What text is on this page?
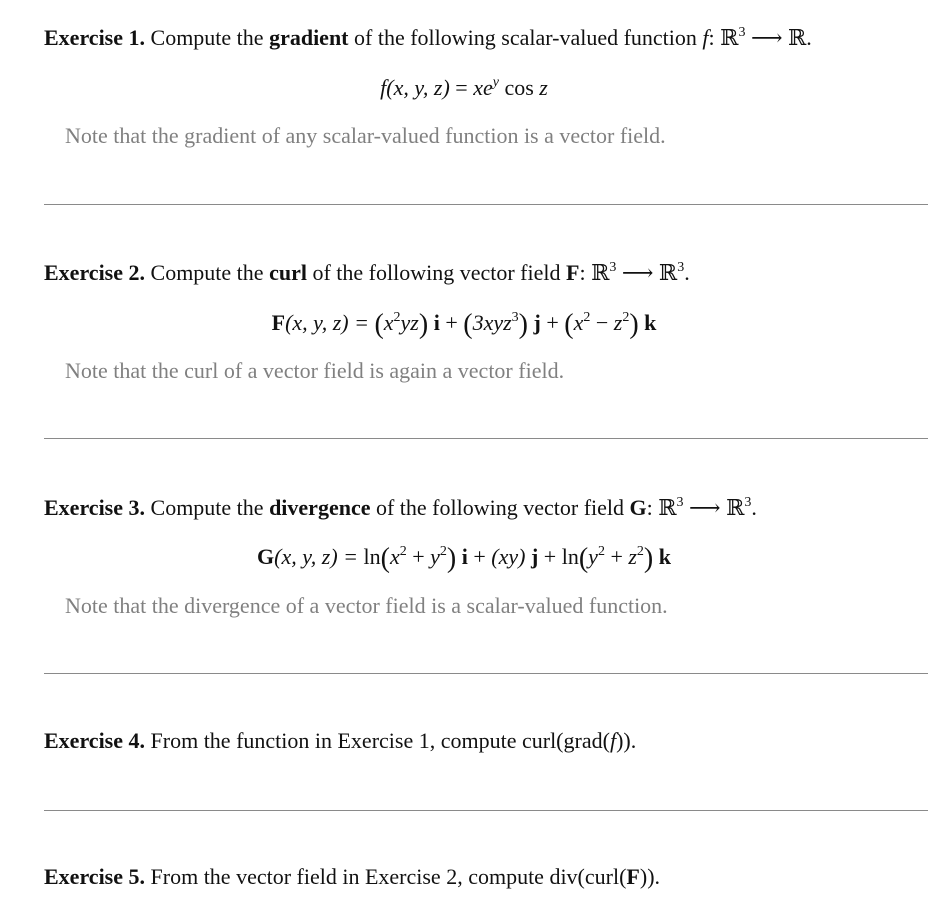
Exercise 1. Compute the gradient of the following scalar-valued function f: ℝ$^3$ ⟶ ℝ.
f(x, y, $z) = xe^y$ cos z
Note that the gradient of any scalar-valued function is a vector field.
Exercise 2. Compute the curl of the following vector field F: ℝ$^3$ ⟶ ℝ$^3$.
F(x, y, $z) = (x^2yz) i + (3xyz^3) j + (x^2 - z^2)$ k
Note that the curl of a vector field is again a vector field.
Exercise 3. Compute the divergence of the following vector field G: ℝ$^3$ ⟶ ℝ$^3$.
G(x, y, $z) = \ln(x^2 + y^2) i + (xy) j + \ln(y^2 + z^2)$ k
Note that the divergence of a vector field is a scalar-valued function.
Exercise 4. From the function in Exercise 1, compute curl(grad(f)).
Exercise 5. From the vector field in Exercise 2, compute div(curl(F)).
